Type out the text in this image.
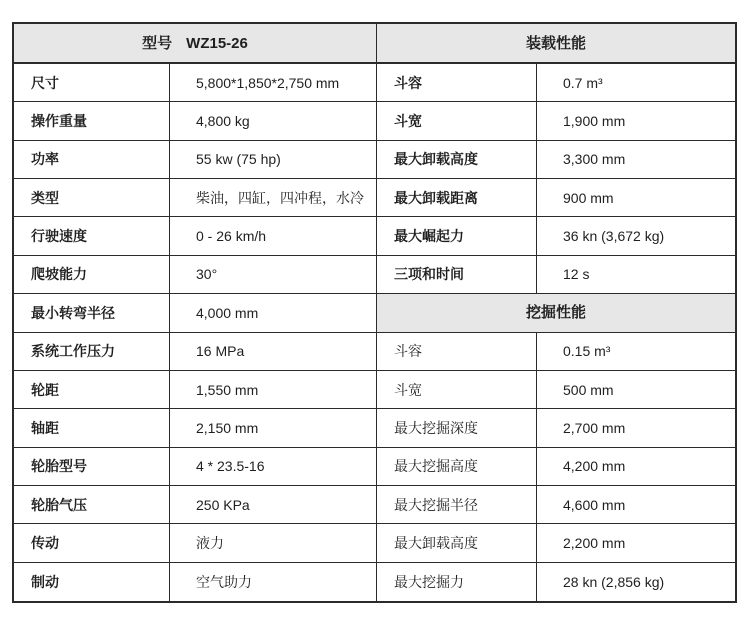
型号 WZ15-26	装载性能
尺寸	5,800*1,850*2,750 mm	斗容	0.7 m³
操作重量	4,800 kg	斗宽	1,900 mm
功率	55 kw (75 hp)	最大卸载高度	3,300 mm
类型	柴油，四缸，四冲程，水冷	最大卸载距离	900 mm
行驶速度	0 - 26 km/h	最大崛起力	36 kn (3,672 kg)
爬坡能力	30°	三项和时间	12 s
最小转弯半径	4,000 mm	挖掘性能
系统工作压力	16 MPa	斗容	0.15 m³
轮距	1,550 mm	斗宽	500 mm
轴距	2,150 mm	最大挖掘深度	2,700 mm
轮胎型号	4 * 23.5-16	最大挖掘高度	4,200 mm
轮胎气压	250 KPa	最大挖掘半径	4,600 mm
传动	液力	最大卸载高度	2,200 mm
制动	空气助力	最大挖掘力	28 kn (2,856 kg)
